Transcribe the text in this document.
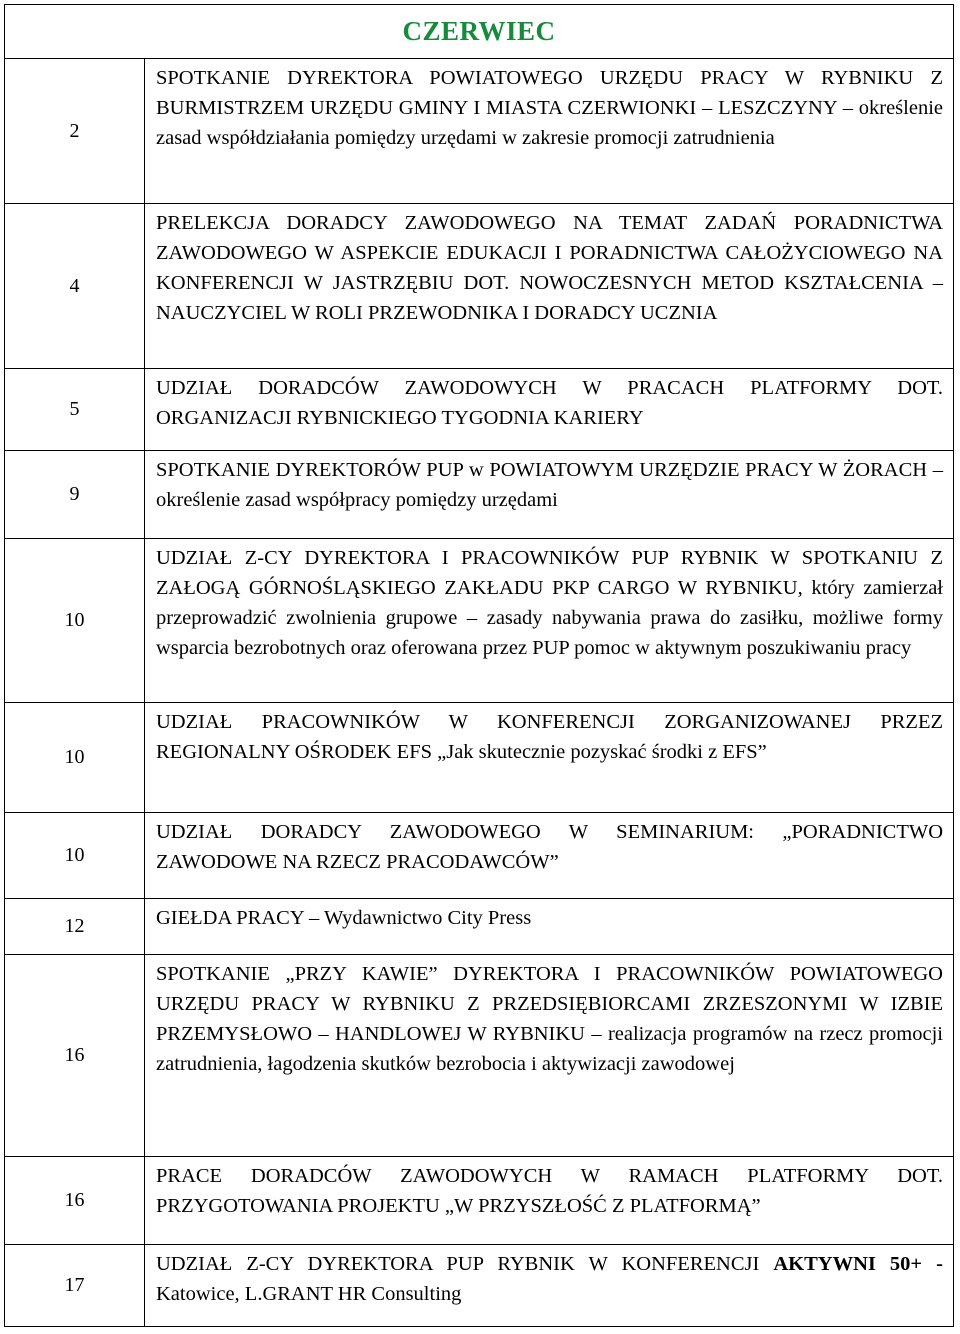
CZERWIEC	
2	SPOTKANIE DYREKTORA POWIATOWEGO URZĘDU PRACY W RYBNIKU Z BURMISTRZEM URZĘDU GMINY I MIASTA CZERWIONKI – LESZCZYNY – określenie zasad współdziałania pomiędzy urzędami w zakresie promocji zatrudnienia
4	PRELEKCJA DORADCY ZAWODOWEGO NA TEMAT ZADAŃ PORADNICTWA ZAWODOWEGO W ASPEKCIE EDUKACJI I PORADNICTWA CAŁOŻYCIOWEGO NA KONFERENCJI W JASTRZĘBIU DOT. NOWOCZESNYCH METOD KSZTAŁCENIA – NAUCZYCIEL W ROLI PRZEWODNIKA I DORADCY UCZNIA
5	UDZIAŁ DORADCÓW ZAWODOWYCH W PRACACH PLATFORMY DOT. ORGANIZACJI RYBNICKIEGO TYGODNIA KARIERY
9	SPOTKANIE DYREKTORÓW PUP w POWIATOWYM URZĘDZIE PRACY W ŻORACH – określenie zasad współpracy pomiędzy urzędami
10	UDZIAŁ Z-CY DYREKTORA I PRACOWNIKÓW PUP RYBNIK W SPOTKANIU Z ZAŁOGĄ GÓRNOŚLĄSKIEGO ZAKŁADU PKP CARGO W RYBNIKU, który zamierzał przeprowadzić zwolnienia grupowe – zasady nabywania prawa do zasiłku, możliwe formy wsparcia bezrobotnych oraz oferowana przez PUP pomoc w aktywnym poszukiwaniu pracy
10	UDZIAŁ PRACOWNIKÓW W KONFERENCJI ZORGANIZOWANEJ PRZEZ REGIONALNY OŚRODEK EFS „Jak skutecznie pozyskać środki z EFS”
10	UDZIAŁ DORADCY ZAWODOWEGO W SEMINARIUM: „PORADNICTWO ZAWODOWE NA RZECZ PRACODAWCÓW”
12	GIEŁDA PRACY – Wydawnictwo City Press
16	SPOTKANIE „PRZY KAWIE” DYREKTORA I PRACOWNIKÓW POWIATOWEGO URZĘDU PRACY W RYBNIKU Z PRZEDSIĘBIORCAMI ZRZESZONYMI W IZBIE PRZEMYSŁOWO – HANDLOWEJ W RYBNIKU – realizacja programów na rzecz promocji zatrudnienia, łagodzenia skutków bezrobocia i aktywizacji zawodowej
16	PRACE DORADCÓW ZAWODOWYCH W RAMACH PLATFORMY DOT. PRZYGOTOWANIA PROJEKTU „W PRZYSZŁOŚĆ Z PLATFORMĄ”
17	UDZIAŁ Z-CY DYREKTORA PUP RYBNIK W KONFERENCJI AKTYWNI 50+ - Katowice, L.GRANT HR Consulting
